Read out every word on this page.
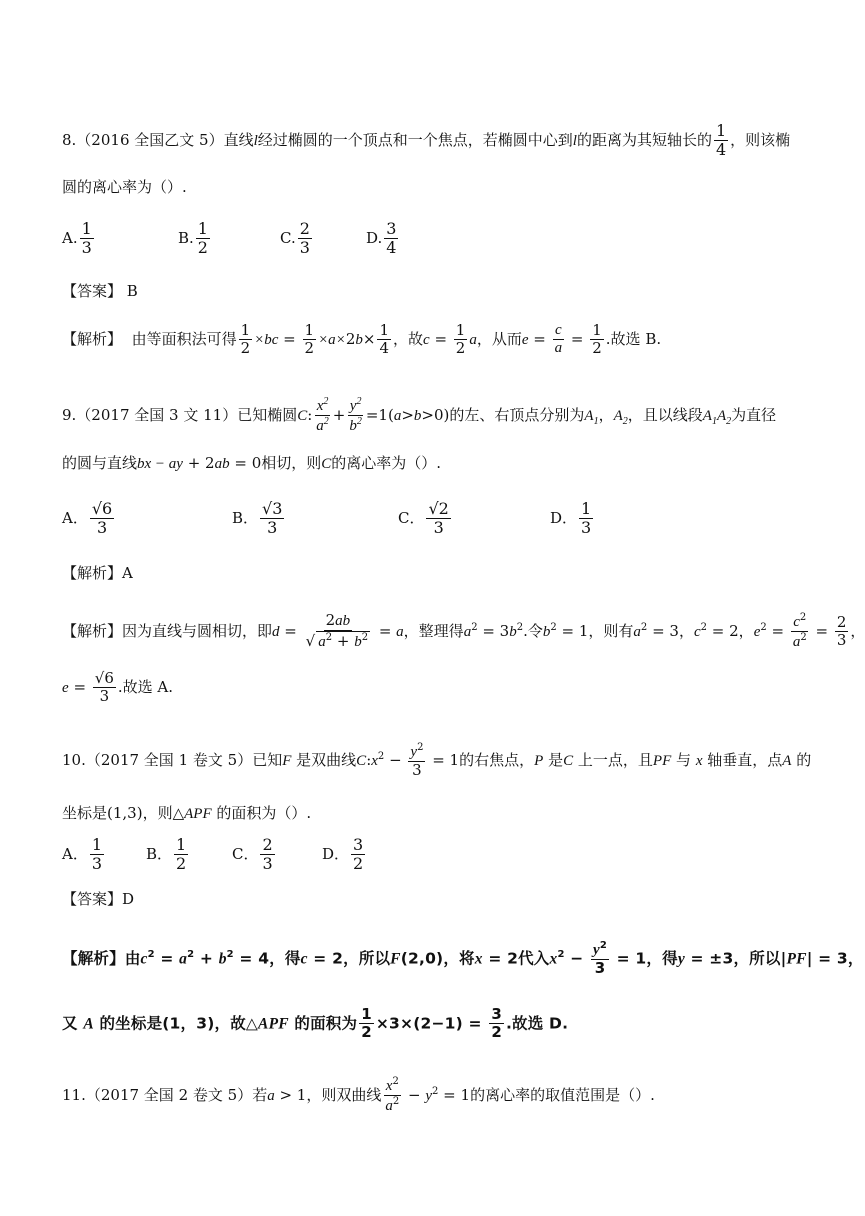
8.（2016 全国乙文 5）直线l经过椭圆的一个顶点和一个焦点，若椭圆中心到l的距离为其短轴长的 $\frac{1}{4}$ ，则该椭
圆的离心率为（）.
A. $\frac{1}{3}$	B. $\frac{1}{2}$	C. $\frac{2}{3}$	D. $\frac{3}{4}$
【答案】 B
【解析】 由等面积法可得 $\frac{1}{2} \times bc = \frac{1}{2} \times a\times 2b\times \frac{1}{4}$ ，故$c = \frac{1}{2}$ a，从而$e = \frac{c}{a} = \frac{1}{2}$ .故选 B.
9.（2017 全国 3 文 11）已知椭圆C: $\frac{x^2}{a^2} + \frac{y^2}{b^2} =1(a>b>0)$的左、右顶点分别为$A_1$，$A_2$，且以线段$A_1A_2$为直径
的圆与直线bx − ay + 2ab = 0相切，则C的离心率为（）.
A． $\frac{√6}{3}$	B． $\frac{√3}{3}$	C． $\frac{√2}{3}$	D． $\frac{1}{3}$
【解析】A
【解析】因为直线与圆相切，即$d = \frac{2ab}{√ a^2 + b^2} = a$，整理得$a^2 = 3b^2$.令$b^2 = 1$，则有$a^2 = 3$，$c^2 = 2$，$e^2 = \frac{c^2}{a^2} = \frac{2}{3}$ ，
$e = \frac{√6}{3}$ .故选 A.
10.（2017 全国 1 卷文 5）已知F 是双曲线$C:x^2 - \frac{y^2}{3} = 1$的右焦点，P 是C 上一点，且PF 与 x 轴垂直，点A 的
坐标是(1,3)，则△APF 的面积为（）.
A． $\frac{1}{3}$	B． $\frac{1}{2}$	C． $\frac{2}{3}$	D． $\frac{3}{2}$
【答案】D
【解析】由$c^2 = a^2 + b^2 = 4$，得c = 2，所以F(2,0)，将x = 2代入$x^2 - \frac{y^2}{3} = 1$，得y = ±3，所以|PF| = 3，
又 A 的坐标是(1，3)，故△APF 的面积为 $\frac{1}{2} \times 3\times(2-1) = \frac{3}{2}$ .故选 D.
11.（2017 全国 2 卷文 5）若a > 1，则双曲线 $\frac{x^2}{a^2} - y^2 = 1$的离心率的取值范围是（）.
